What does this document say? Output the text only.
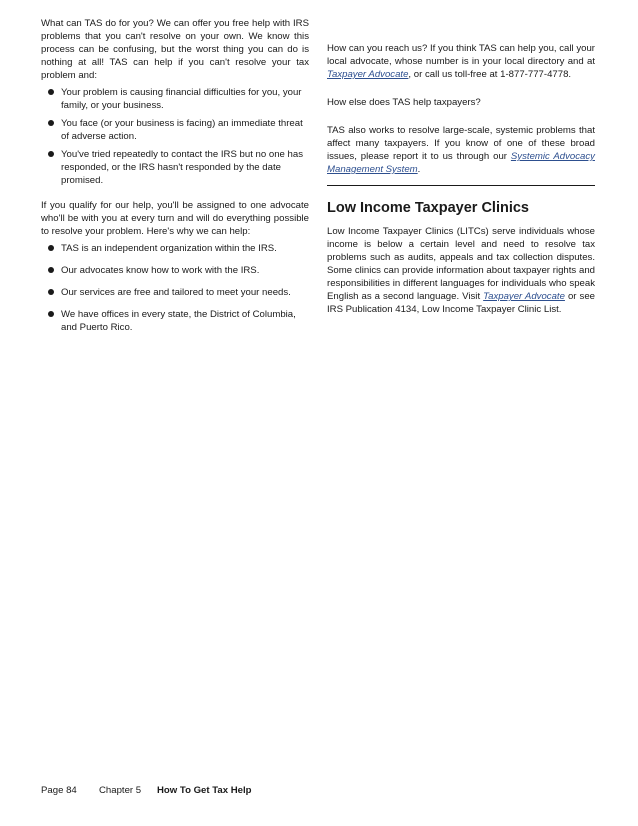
What can TAS do for you? We can offer you free help with IRS problems that you can't resolve on your own. We know this process can be confusing, but the worst thing you can do is nothing at all! TAS can help if you can't resolve your tax problem and:

Your problem is causing financial difficulties for you, your family, or your business.
You face (or your business is facing) an immediate threat of adverse action.
You've tried repeatedly to contact the IRS but no one has responded, or the IRS hasn't responded by the date promised.

If you qualify for our help, you'll be assigned to one advocate who'll be with you at every turn and will do everything possible to resolve your problem. Here's why we can help:

TAS is an independent organization within the IRS.
Our advocates know how to work with the IRS.
Our services are free and tailored to meet your needs.
We have offices in every state, the District of Columbia, and Puerto Rico.

How can you reach us? If you think TAS can help you, call your local advocate, whose number is in your local directory and at Taxpayer Advocate, or call us toll-free at 1-877-777-4778.

How else does TAS help taxpayers?

TAS also works to resolve large-scale, systemic problems that affect many taxpayers. If you know of one of these broad issues, please report it to us through our Systemic Advocacy Management System.

Low Income Taxpayer Clinics

Low Income Taxpayer Clinics (LITCs) serve individuals whose income is below a certain level and need to resolve tax problems such as audits, appeals and tax collection disputes. Some clinics can provide information about taxpayer rights and responsibilities in different languages for individuals who speak English as a second language. Visit Taxpayer Advocate or see IRS Publication 4134, Low Income Taxpayer Clinic List.

Page 84 Chapter 5 How To Get Tax Help
